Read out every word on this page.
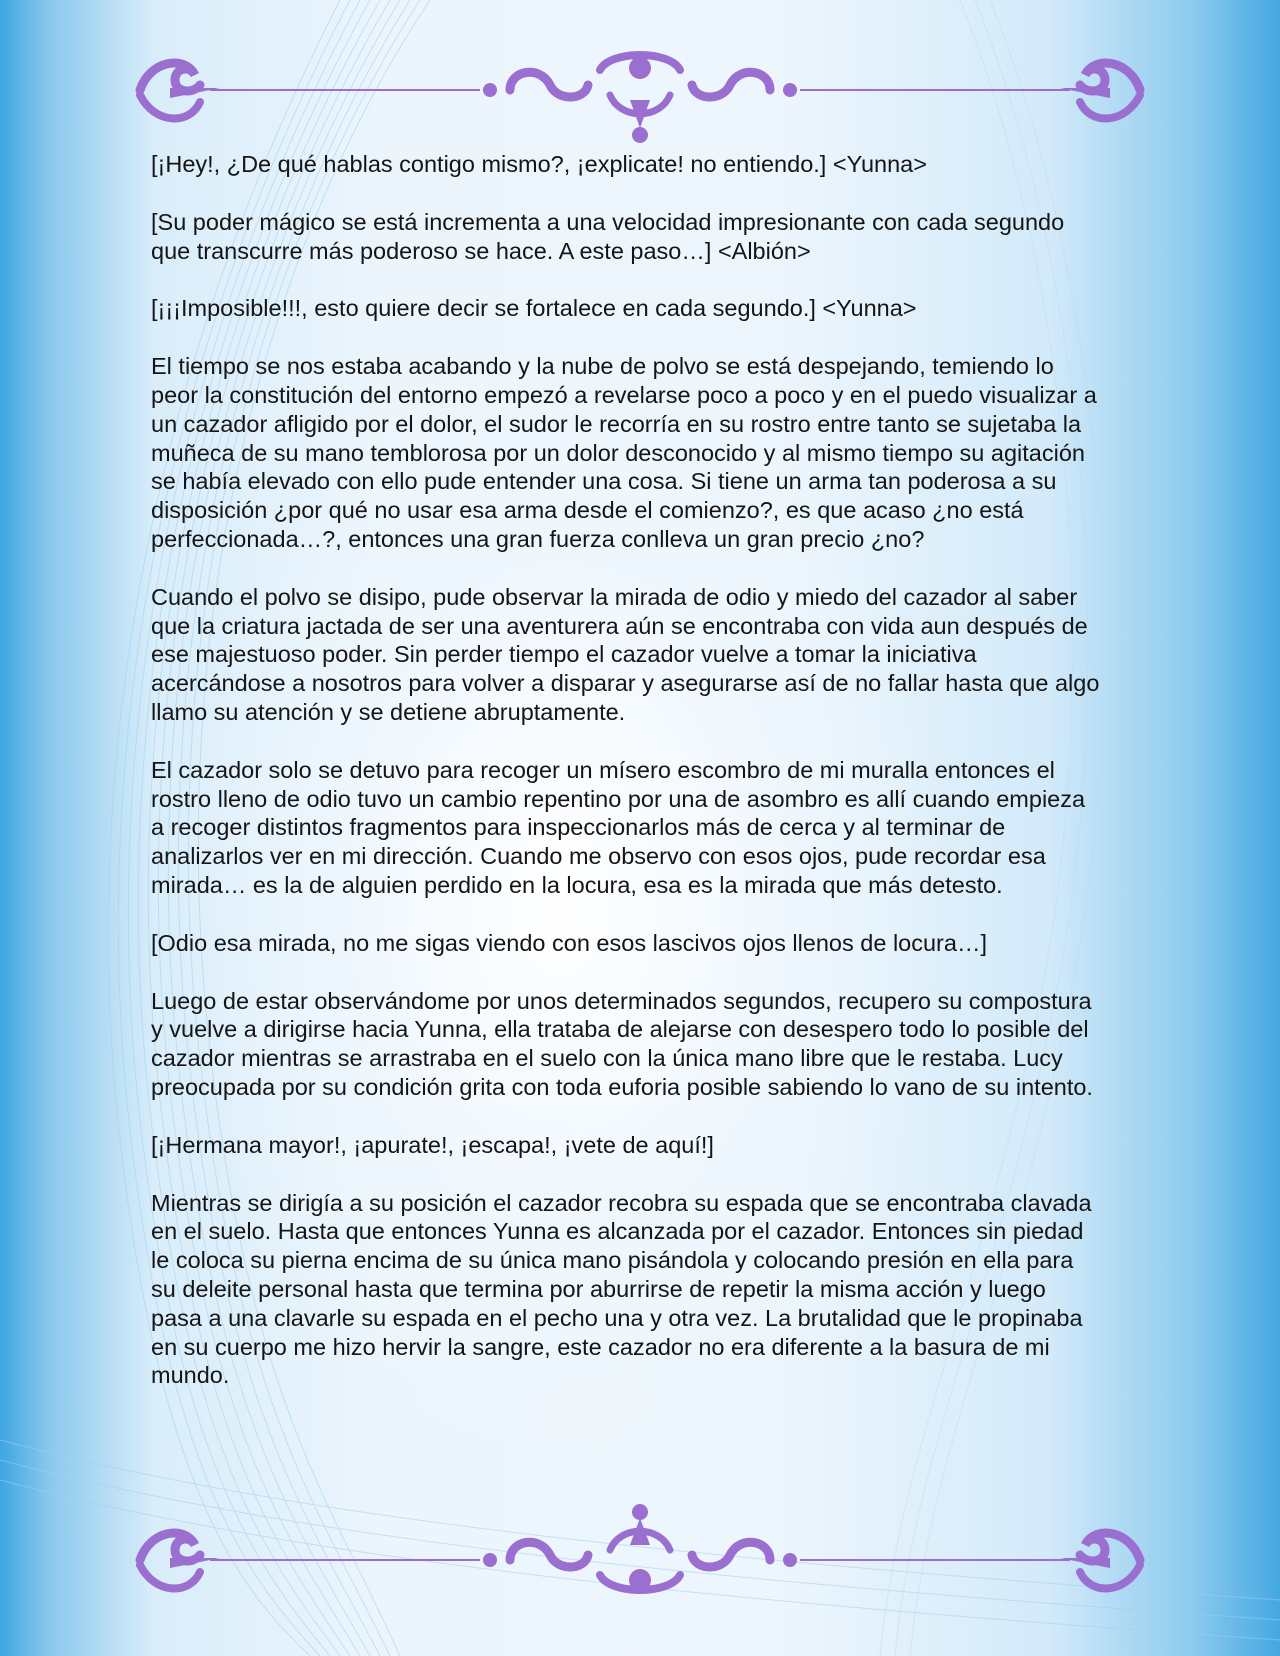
[¡Hey!, ¿De qué hablas contigo mismo?, ¡explicate! no entiendo.] <Yunna>

[Su poder mágico se está incrementa a una velocidad impresionante con cada segundo que transcurre más poderoso se hace. A este paso…] <Albión>

[¡¡¡Imposible!!!, esto quiere decir se fortalece en cada segundo.] <Yunna>

El tiempo se nos estaba acabando y la nube de polvo se está despejando, temiendo lo peor la constitución del entorno empezó a revelarse poco a poco y en el puedo visualizar a un cazador afligido por el dolor, el sudor le recorría en su rostro entre tanto se sujetaba la muñeca de su mano temblorosa por un dolor desconocido y al mismo tiempo su agitación se había elevado con ello pude entender una cosa. Si tiene un arma tan poderosa a su disposición ¿por qué no usar esa arma desde el comienzo?, es que acaso ¿no está perfeccionada…?, entonces una gran fuerza conlleva un gran precio ¿no?

Cuando el polvo se disipo, pude observar la mirada de odio y miedo del cazador al saber que la criatura jactada de ser una aventurera aún se encontraba con vida aun después de ese majestuoso poder. Sin perder tiempo el cazador vuelve a tomar la iniciativa acercándose a nosotros para volver a disparar y asegurarse así de no fallar hasta que algo llamo su atención y se detiene abruptamente.

El cazador solo se detuvo para recoger un mísero escombro de mi muralla entonces el rostro lleno de odio tuvo un cambio repentino por una de asombro es allí cuando empieza a recoger distintos fragmentos para inspeccionarlos más de cerca y al terminar de analizarlos ver en mi dirección. Cuando me observo con esos ojos, pude recordar esa mirada… es la de alguien perdido en la locura, esa es la mirada que más detesto.

[Odio esa mirada, no me sigas viendo con esos lascivos ojos llenos de locura…]

Luego de estar observándome por unos determinados segundos, recupero su compostura y vuelve a dirigirse hacia Yunna, ella trataba de alejarse con desespero todo lo posible del cazador mientras se arrastraba en el suelo con la única mano libre que le restaba. Lucy preocupada por su condición grita con toda euforia posible sabiendo lo vano de su intento.

[¡Hermana mayor!, ¡apurate!, ¡escapa!, ¡vete de aquí!]

Mientras se dirigía a su posición el cazador recobra su espada que se encontraba clavada en el suelo. Hasta que entonces Yunna es alcanzada por el cazador. Entonces sin piedad le coloca su pierna encima de su única mano pisándola y colocando presión en ella para su deleite personal hasta que termina por aburrirse de repetir la misma acción y luego pasa a una clavarle su espada en el pecho una y otra vez. La brutalidad que le propinaba en su cuerpo me hizo hervir la sangre, este cazador no era diferente a la basura de mi mundo.
